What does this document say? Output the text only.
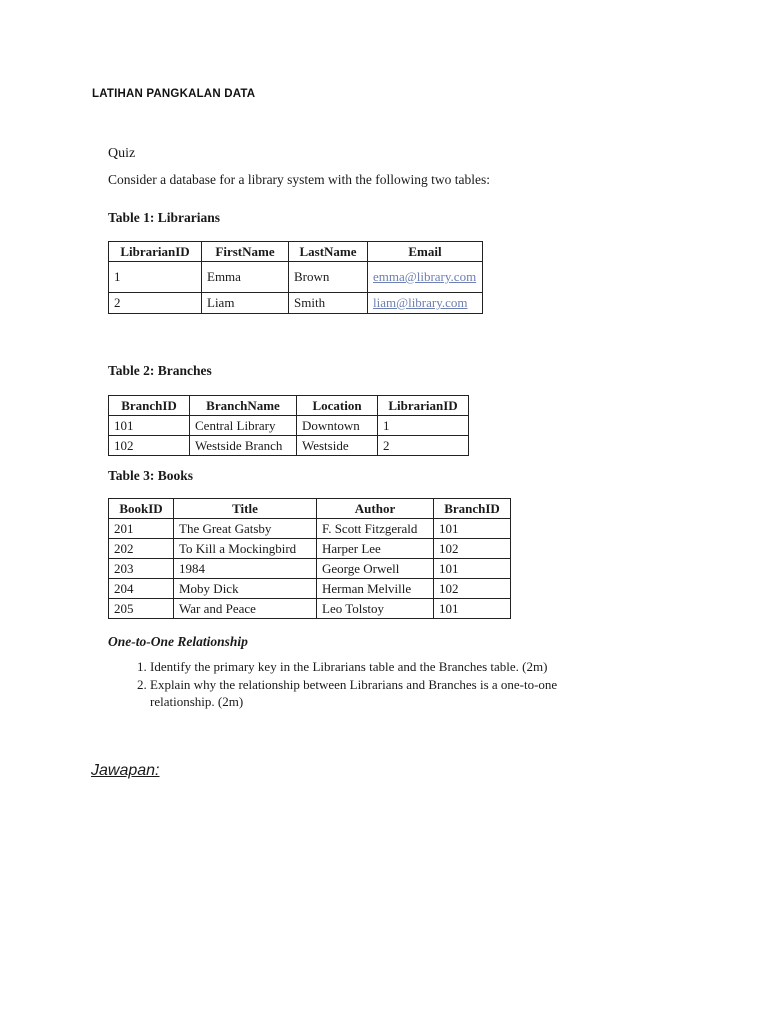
LATIHAN PANGKALAN DATA

Quiz

Consider a database for a library system with the following two tables:

Table 1: Librarians

LibrarianID	FirstName	LastName	Email
1	Emma	Brown	emma@library.com
2	Liam	Smith	liam@library.com

Table 2: Branches

BranchID	BranchName	Location	LibrarianID
101	Central Library	Downtown	1
102	Westside Branch	Westside	2

Table 3: Books

BookID	Title	Author	BranchID
201	The Great Gatsby	F. Scott Fitzgerald	101
202	To Kill a Mockingbird	Harper Lee	102
203	1984	George Orwell	101
204	Moby Dick	Herman Melville	102
205	War and Peace	Leo Tolstoy	101
One-to-One Relationship
1. Identify the primary key in the Librarians table and the Branches table. (2m)
2. Explain why the relationship between Librarians and Branches is a one-to-one relationship. (2m)
Jawapan:
